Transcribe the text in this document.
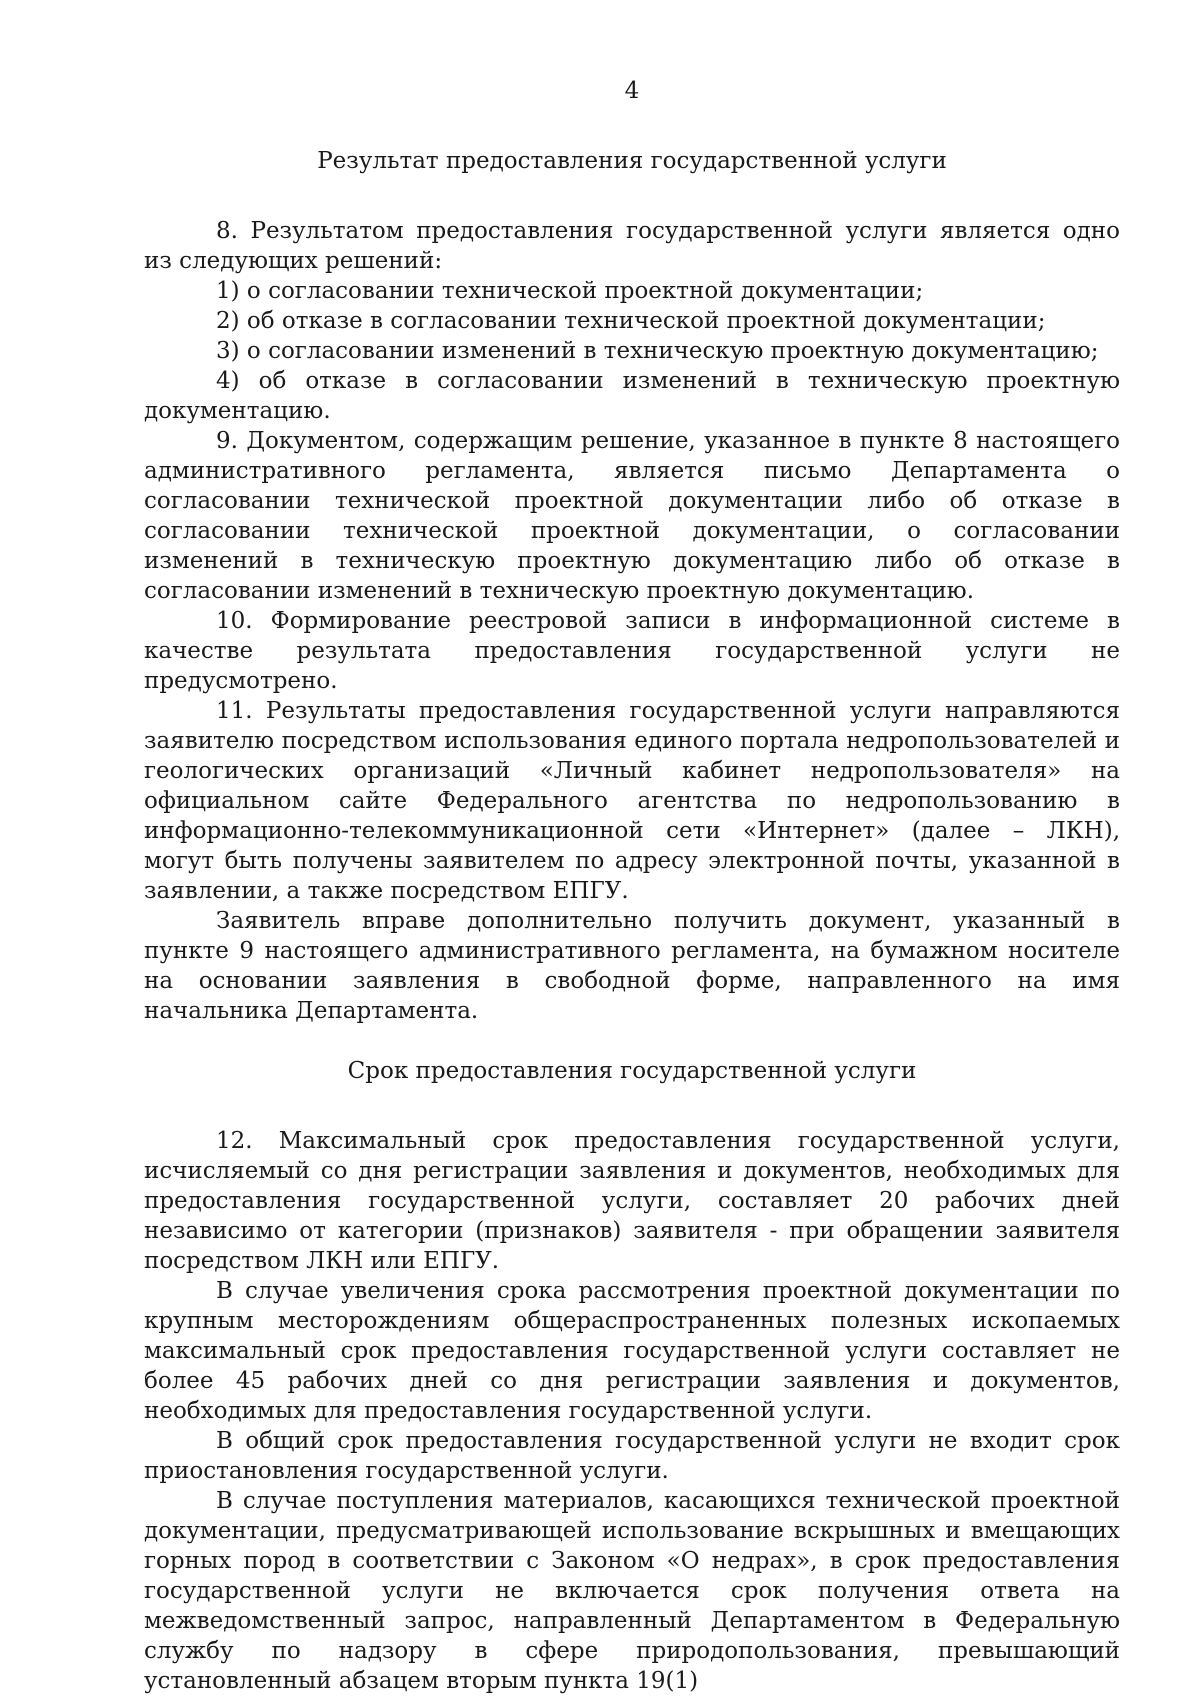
4
Результат предоставления государственной услуги

8. Результатом предоставления государственной услуги является одно из следующих решений:

1) о согласовании технической проектной документации;

2) об отказе в согласовании технической проектной документации;

3) о согласовании изменений в техническую проектную документацию;

4) об отказе в согласовании изменений в техническую проектную документацию.

9. Документом, содержащим решение, указанное в пункте 8 настоящего административного регламента, является письмо Департамента о согласовании технической проектной документации либо об отказе в согласовании технической проектной документации, о согласовании изменений в техническую проектную документацию либо об отказе в согласовании изменений в техническую проектную документацию.

10. Формирование реестровой записи в информационной системе в качестве результата предоставления государственной услуги не предусмотрено.

11. Результаты предоставления государственной услуги направляются заявителю посредством использования единого портала недропользователей и геологических организаций «Личный кабинет недропользователя» на официальном сайте Федерального агентства по недропользованию в информационно-телекоммуникационной сети «Интернет» (далее – ЛКН), могут быть получены заявителем по адресу электронной почты, указанной в заявлении, а также посредством ЕПГУ.

Заявитель вправе дополнительно получить документ, указанный в пункте 9 настоящего административного регламента, на бумажном носителе на основании заявления в свободной форме, направленного на имя начальника Департамента.

Срок предоставления государственной услуги

12. Максимальный срок предоставления государственной услуги, исчисляемый со дня регистрации заявления и документов, необходимых для предоставления государственной услуги, составляет 20 рабочих дней независимо от категории (признаков) заявителя - при обращении заявителя посредством ЛКН или ЕПГУ.

В случае увеличения срока рассмотрения проектной документации по крупным месторождениям общераспространенных полезных ископаемых максимальный срок предоставления государственной услуги составляет не более 45 рабочих дней со дня регистрации заявления и документов, необходимых для предоставления государственной услуги.

В общий срок предоставления государственной услуги не входит срок приостановления государственной услуги.

В случае поступления материалов, касающихся технической проектной документации, предусматривающей использование вскрышных и вмещающих горных пород в соответствии с Законом «О недрах», в срок предоставления государственной услуги не включается срок получения ответа на межведомственный запрос, направленный Департаментом в Федеральную службу по надзору в сфере природопользования, превышающий установленный абзацем вторым пункта 19(1)
